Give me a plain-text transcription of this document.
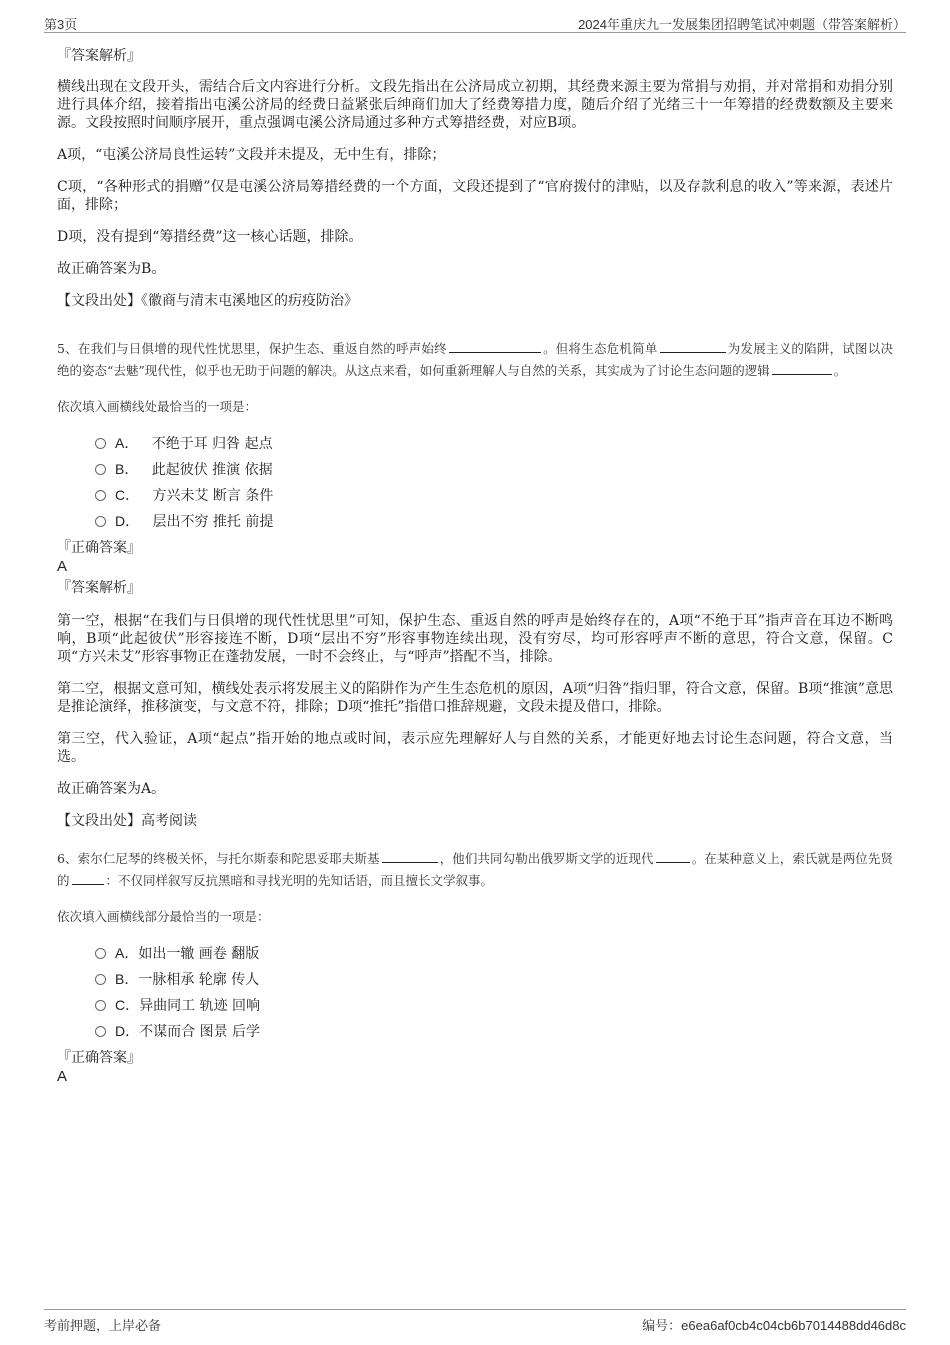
第3页	2024年重庆九一发展集团招聘笔试冲刺题（带答案解析）
『答案解析』
横线出现在文段开头，需结合后文内容进行分析。文段先指出在公济局成立初期，其经费来源主要为常捐与劝捐，并对常捐和劝捐分别进行具体介绍，接着指出屯溪公济局的经费日益紧张后绅商们加大了经费筹措力度，随后介绍了光绪三十一年筹措的经费数额及主要来源。文段按照时间顺序展开，重点强调屯溪公济局通过多种方式筹措经费，对应B项。
A项，“屯溪公济局良性运转”文段并未提及，无中生有，排除；
C项，“各种形式的捐赠”仅是屯溪公济局筹措经费的一个方面，文段还提到了“官府拨付的津贴，以及存款利息的收入”等来源，表述片面，排除；
D项，没有提到“筹措经费”这一核心话题，排除。
故正确答案为B。
【文段出处】《徽商与清末屯溪地区的疠疫防治》
5、在我们与日俱增的现代性忧思里，保护生态、重返自然的呼声始终	。但将生态危机简单	为发展主义的陷阱，试图以决绝的姿态“去魅”现代性，似乎也无助于问题的解决。从这点来看，如何重新理解人与自然的关系，其实成为了讨论生态问题的逻辑	。
依次填入画横线处最恰当的一项是：
A． 不绝于耳 归咎 起点
B． 此起彼伏 推演 依据
C． 方兴未艾 断言 条件
D． 层出不穷 推托 前提
『正确答案』
A
『答案解析』
第一空，根据“在我们与日俱增的现代性忧思里”可知，保护生态、重返自然的呼声是始终存在的，A项“不绝于耳”指声音在耳边不断鸣响，B项“此起彼伏”形容接连不断，D项“层出不穷”形容事物连续出现，没有穷尽，均可形容呼声不断的意思，符合文意，保留。C项“方兴未艾”形容事物正在蓬勃发展，一时不会终止，与“呼声”搭配不当，排除。
第二空，根据文意可知，横线处表示将发展主义的陷阱作为产生生态危机的原因，A项“归咎”指归罪，符合文意，保留。B项“推演”意思是推论演绎，推移演变，与文意不符，排除；D项“推托”指借口推辞规避，文段未提及借口，排除。
第三空，代入验证，A项“起点”指开始的地点或时间，表示应先理解好人与自然的关系，才能更好地去讨论生态问题，符合文意，当选。
故正确答案为A。
【文段出处】高考阅读
6、索尔仁尼琴的终极关怀，与托尔斯泰和陀思妥耶夫斯基	，他们共同勾勒出俄罗斯文学的近现代	。在某种意义上，索氏就是两位先贤的	：不仅同样叙写反抗黑暗和寻找光明的先知话语，而且擅长文学叙事。
依次填入画横线部分最恰当的一项是：
A．如出一辙 画卷 翻版
B．一脉相承 轮廓 传人
C．异曲同工 轨迹 回响
D．不谋而合 图景 后学
『正确答案』
A
考前押题，上岸必备	编号：e6ea6af0cb4c04cb6b7014488dd46d8c
